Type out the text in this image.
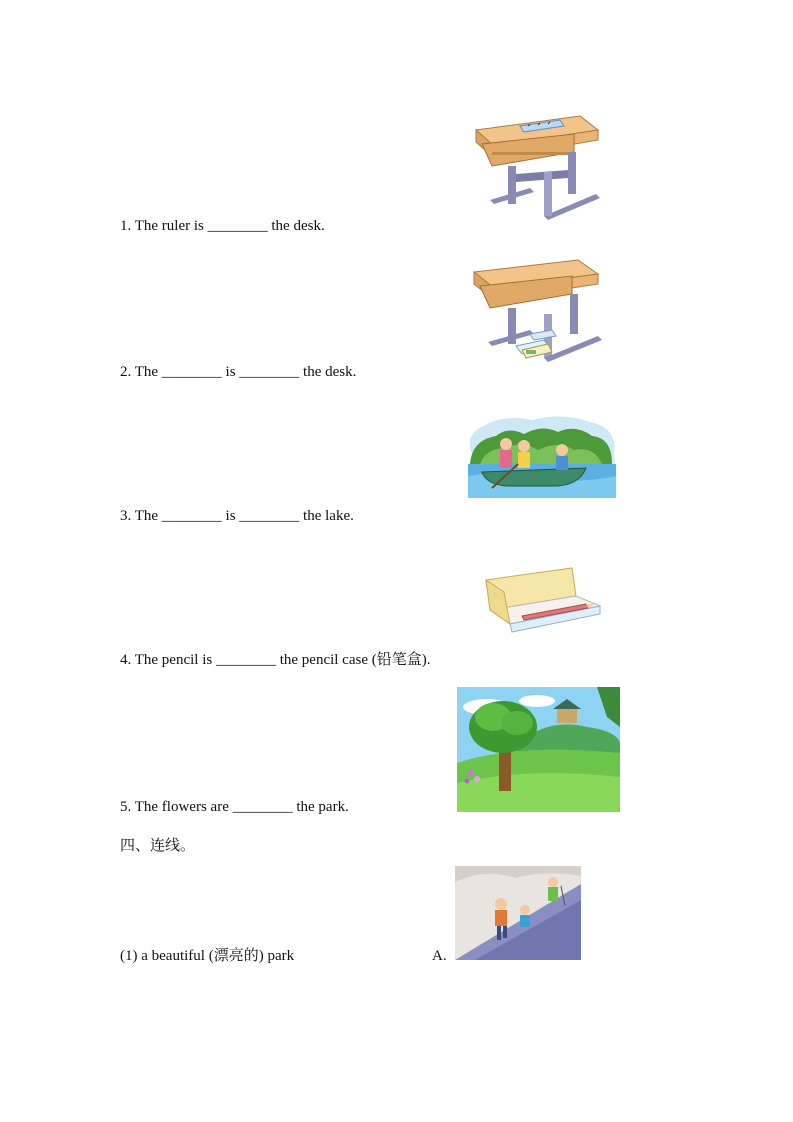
1. The ruler is ________ the desk.
2. The ________ is ________ the desk.
3. The ________ is ________ the lake.
4. The pencil is ________ the pencil case (铅笔盒).
5. The flowers are ________ the park.
四、连线。
(1) a beautiful (漂亮的) park	A.
